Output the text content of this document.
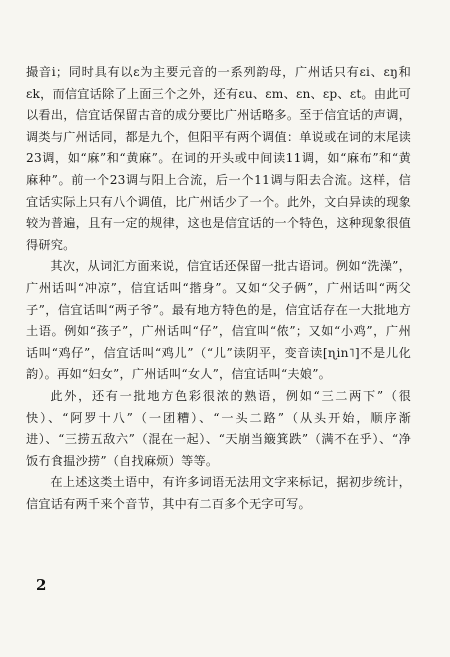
撮音i；同时具有以ε为主要元音的一系列韵母，广州话只有εi、εŋ和εk，而信宜话除了上面三个之外，还有εu、εm、εn、εp、εt。由此可以看出，信宜话保留古音的成分要比广州话略多。至于信宜话的声调，调类与广州话同，都是九个，但阳平有两个调值：单说或在词的末尾读23调，如“麻”和“黄麻”。在词的开头或中间读11调，如“麻布”和“黄麻种”。前一个23调与阳上合流，后一个11调与阳去合流。这样，信宜话实际上只有八个调值，比广州话少了一个。此外，文白异读的现象较为普遍，且有一定的规律，这也是信宜话的一个特色，这种现象很值得研究。

其次，从词汇方面来说，信宜话还保留一批古语词。例如“洗澡”，广州话叫“冲凉”，信宜话叫“揩身”。又如“父子俩”，广州话叫“两父子”，信宜话叫“两子爷”。最有地方特色的是，信宜话存在一大批地方土语。例如“孩子”，广州话叫“仔”，信宜叫“侬”；又如“小鸡”，广州话叫“鸡仔”，信宜话叫“鸡儿”（“儿”读阴平，变音读[ɳin˥]不是儿化韵）。再如“妇女”，广州话叫“女人”，信宜话叫“夫娘”。

此外，还有一批地方色彩很浓的熟语，例如“三二两下”（很快）、“阿罗十八”（一团糟）、“一头二路”（从头开始，顺序渐进）、“三捞五敌六”（混在一起）、“天崩当簸箕跌”（满不在乎）、“净饭冇食揾沙捞”（自找麻烦）等等。

在上述这类土语中，有许多词语无法用文字来标记，据初步统计，信宜话有两千来个音节，其中有二百多个无字可写。

2
